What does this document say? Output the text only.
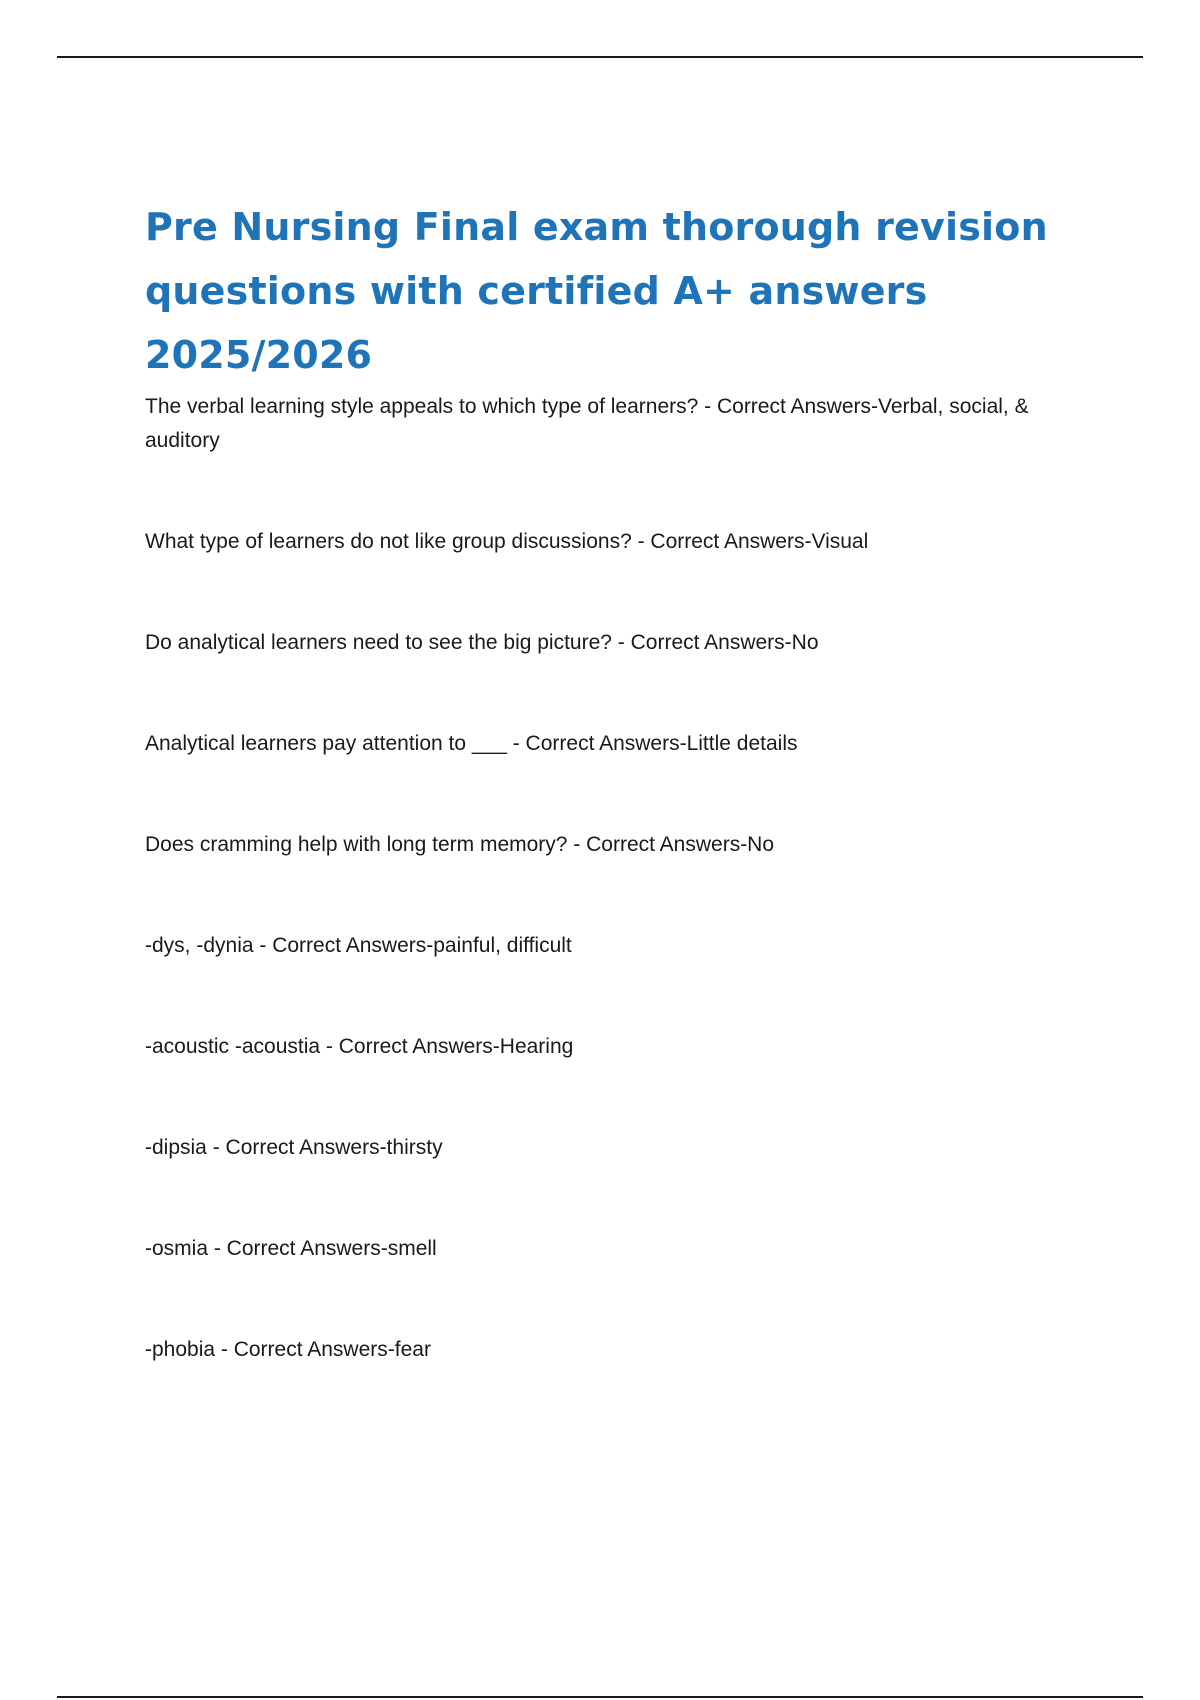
Pre Nursing Final exam thorough revision questions with certified A+ answers 2025/2026
The verbal learning style appeals to which type of learners? - Correct Answers-Verbal, social, & auditory
What type of learners do not like group discussions? - Correct Answers-Visual
Do analytical learners need to see the big picture? - Correct Answers-No
Analytical learners pay attention to ___ - Correct Answers-Little details
Does cramming help with long term memory? - Correct Answers-No
-dys, -dynia - Correct Answers-painful, difficult
-acoustic -acoustia - Correct Answers-Hearing
-dipsia - Correct Answers-thirsty
-osmia - Correct Answers-smell
-phobia - Correct Answers-fear
